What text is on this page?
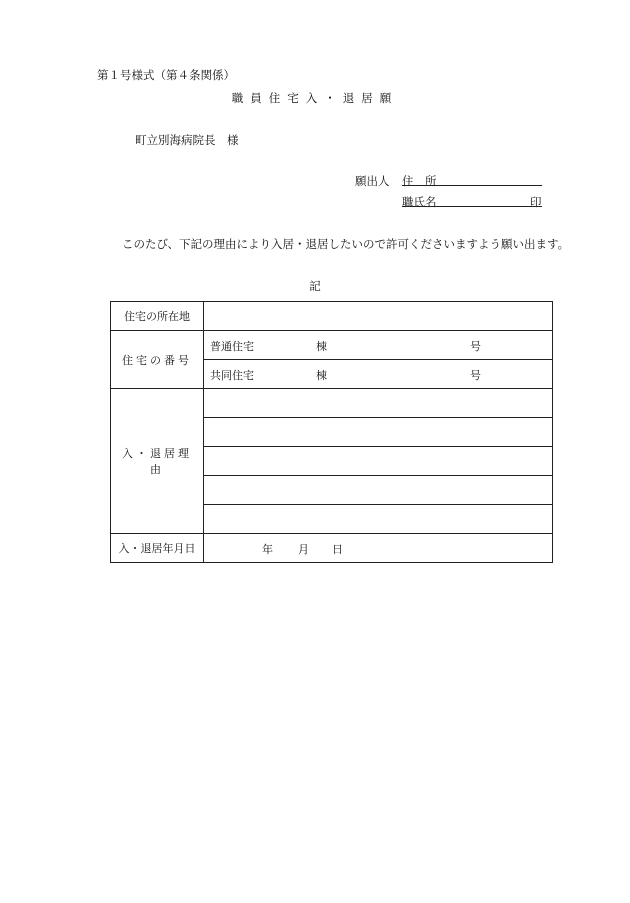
第１号様式（第４条関係）
職員住宅入・退居願
町立別海病院長　様
願出人 住　所
職氏名	印
このたび、下記の理由により入居・退居したいので許可くださいますよう願い出ます。
記
住宅の所在地	
住宅の番号	普通住宅 棟 号

	共同住宅 棟 号

入・退居理由	

入・退居年月日	年 月 日
